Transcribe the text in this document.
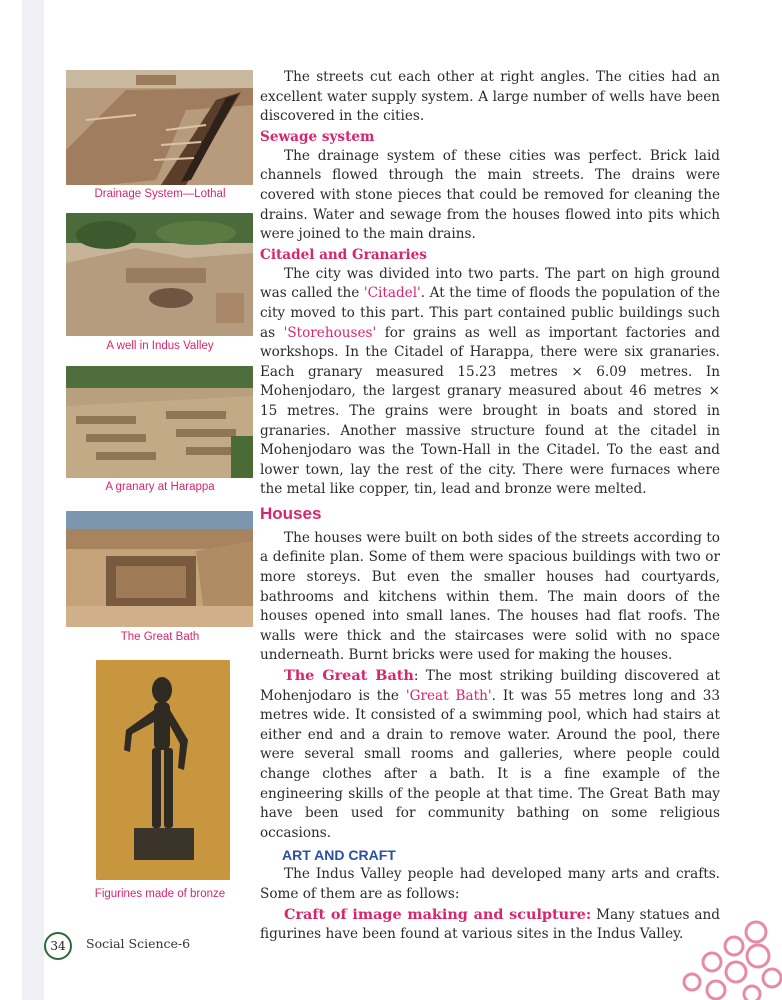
Drainage System—Lothal
A well in Indus Valley
A granary at Harappa
The Great Bath
Figurines made of bronze

The streets cut each other at right angles. The cities had an excellent water supply system. A large number of wells have been discovered in the cities.

Sewage system

The drainage system of these cities was perfect. Brick laid channels flowed through the main streets. The drains were covered with stone pieces that could be removed for cleaning the drains. Water and sewage from the houses flowed into pits which were joined to the main drains.

Citadel and Granaries

The city was divided into two parts. The part on high ground was called the 'Citadel'. At the time of floods the population of the city moved to this part. This part contained public buildings such as 'Storehouses' for grains as well as important factories and workshops. In the Citadel of Harappa, there were six granaries. Each granary measured 15.23 metres × 6.09 metres. In Mohenjodaro, the largest granary measured about 46 metres × 15 metres. The grains were brought in boats and stored in granaries. Another massive structure found at the citadel in Mohenjodaro was the Town-Hall in the Citadel. To the east and lower town, lay the rest of the city. There were furnaces where the metal like copper, tin, lead and bronze were melted.

Houses

The houses were built on both sides of the streets according to a definite plan. Some of them were spacious buildings with two or more storeys. But even the smaller houses had courtyards, bathrooms and kitchens within them. The main doors of the houses opened into small lanes. The houses had flat roofs. The walls were thick and the staircases were solid with no space underneath. Burnt bricks were used for making the houses.

The Great Bath: The most striking building discovered at Mohenjodaro is the 'Great Bath'. It was 55 metres long and 33 metres wide. It consisted of a swimming pool, which had stairs at either end and a drain to remove water. Around the pool, there were several small rooms and galleries, where people could change clothes after a bath. It is a fine example of the engineering skills of the people at that time. The Great Bath may have been used for community bathing on some religious occasions.

ART AND CRAFT

The Indus Valley people had developed many arts and crafts. Some of them are as follows:

Craft of image making and sculpture: Many statues and figurines have been found at various sites in the Indus Valley.

34	Social Science-6
